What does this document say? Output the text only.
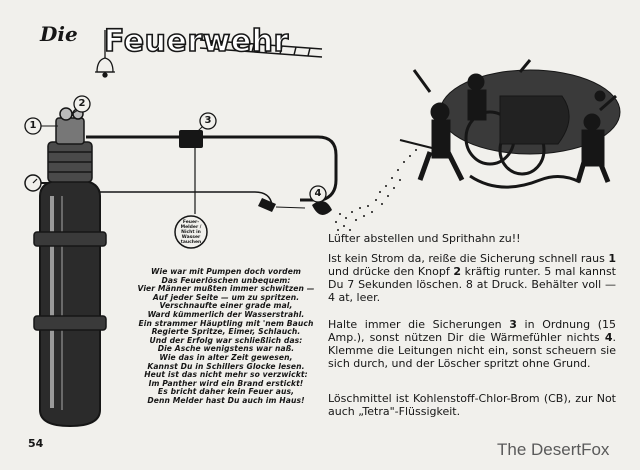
Die Feuerwehr
1
2
3
4
Feuer-Melder / Nicht in Wasser tauchen
Wie war mit Pumpen doch vordem
Das Feuerlöschen unbequem:
Vier Männer mußten immer schwitzen —
Auf jeder Seite — um zu spritzen.
Verschnaufte einer grade mal,
Ward kümmerlich der Wasserstrahl.
Ein strammer Häuptling mit 'nem Bauch
Regierte Spritze, Eimer, Schlauch.
Und der Erfolg war schließlich das:
Die Asche wenigstens war naß.
Wie das in alter Zeit gewesen,
Kannst Du in Schillers Glocke lesen.
Heut ist das nicht mehr so verzwickt:
Im Panther wird ein Brand erstickt!
Es bricht daher kein Feuer aus,
Denn Melder hast Du auch im Haus!
Lüfter abstellen und Sprithahn zu!!
Ist kein Strom da, reiße die Sicherung schnell raus 1 und drücke den Knopf 2 kräftig runter. 5 mal kannst Du 7 Sekunden löschen. 8 at Druck. Behälter voll — 4 at, leer.
Halte immer die Sicherungen 3 in Ordnung (15 Amp.), sonst nützen Dir die Wärmefühler nichts 4. Klemme die Leitungen nicht ein, sonst scheuern sie sich durch, und der Löscher spritzt ohne Grund.
Löschmittel ist Kohlenstoff-Chlor-Brom (CB), zur Not auch „Tetra"-Flüssigkeit.
54	The DesertFox
